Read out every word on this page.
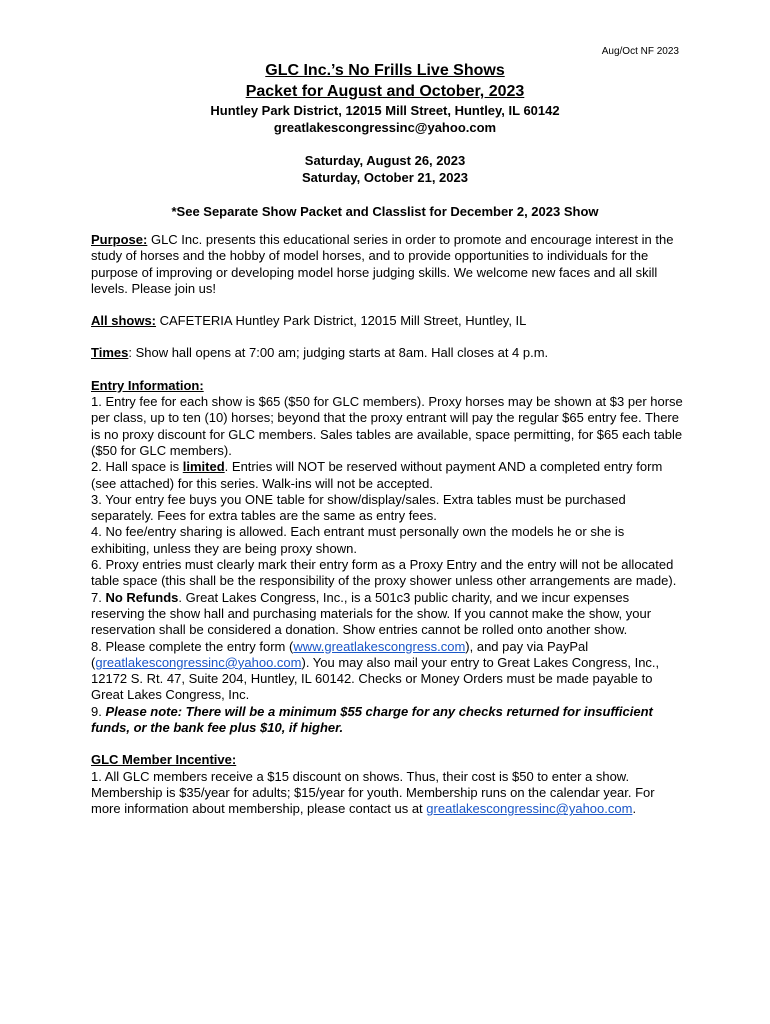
Aug/Oct NF 2023
GLC Inc.’s No Frills Live Shows
Packet for August and October, 2023
Huntley Park District, 12015 Mill Street, Huntley, IL 60142
greatlakescongressinc@yahoo.com
Saturday, August 26, 2023
Saturday, October 21, 2023
*See Separate Show Packet and Classlist for December 2, 2023 Show

Purpose: GLC Inc. presents this educational series in order to promote and encourage interest in the study of horses and the hobby of model horses, and to provide opportunities to individuals for the purpose of improving or developing model horse judging skills. We welcome new faces and all skill levels. Please join us!

All shows: CAFETERIA Huntley Park District, 12015 Mill Street, Huntley, IL

Times: Show hall opens at 7:00 am; judging starts at 8am. Hall closes at 4 p.m.

Entry Information:

1. Entry fee for each show is $65 ($50 for GLC members). Proxy horses may be shown at $3 per horse per class, up to ten (10) horses; beyond that the proxy entrant will pay the regular $65 entry fee. There is no proxy discount for GLC members. Sales tables are available, space permitting, for $65 each table ($50 for GLC members).

2. Hall space is limited. Entries will NOT be reserved without payment AND a completed entry form (see attached) for this series. Walk-ins will not be accepted.

3. Your entry fee buys you ONE table for show/display/sales. Extra tables must be purchased separately. Fees for extra tables are the same as entry fees.

4. No fee/entry sharing is allowed. Each entrant must personally own the models he or she is exhibiting, unless they are being proxy shown.

6. Proxy entries must clearly mark their entry form as a Proxy Entry and the entry will not be allocated table space (this shall be the responsibility of the proxy shower unless other arrangements are made).

7. No Refunds. Great Lakes Congress, Inc., is a 501c3 public charity, and we incur expenses reserving the show hall and purchasing materials for the show. If you cannot make the show, your reservation shall be considered a donation. Show entries cannot be rolled onto another show.

8. Please complete the entry form (www.greatlakescongress.com), and pay via PayPal (greatlakescongressinc@yahoo.com). You may also mail your entry to Great Lakes Congress, Inc., 12172 S. Rt. 47, Suite 204, Huntley, IL 60142. Checks or Money Orders must be made payable to Great Lakes Congress, Inc.

9. Please note: There will be a minimum $55 charge for any checks returned for insufficient funds, or the bank fee plus $10, if higher.

GLC Member Incentive:

1. All GLC members receive a $15 discount on shows. Thus, their cost is $50 to enter a show. Membership is $35/year for adults; $15/year for youth. Membership runs on the calendar year. For more information about membership, please contact us at greatlakescongressinc@yahoo.com.
